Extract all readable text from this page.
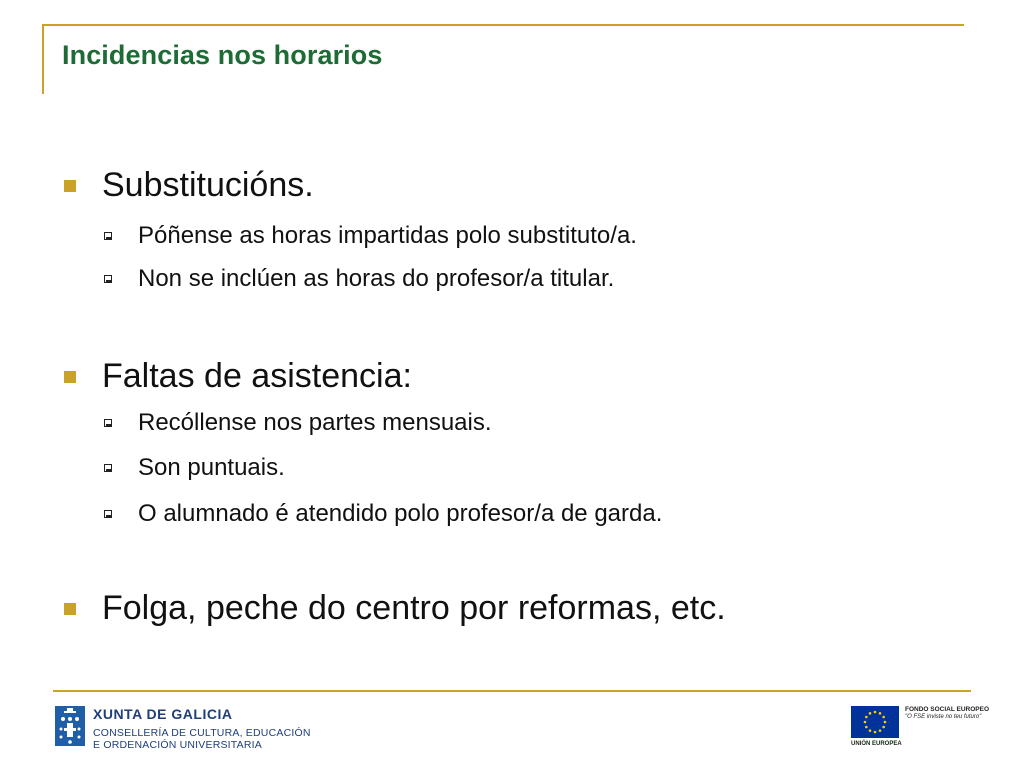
Incidencias nos horarios
Substitucións.
Póñense as horas impartidas polo substituto/a.
Non se inclúen as horas do profesor/a titular.
Faltas de asistencia:
Recóllense nos partes mensuais.
Son puntuais.
O alumnado é atendido polo profesor/a de garda.
Folga, peche do centro por reformas, etc.
XUNTA DE GALICIA
CONSELLERÍA DE CULTURA, EDUCACIÓN
E ORDENACIÓN UNIVERSITARIA	UNIÓN EUROPEA
FONDO SOCIAL EUROPEO
"O FSE inviste no teu futuro"
